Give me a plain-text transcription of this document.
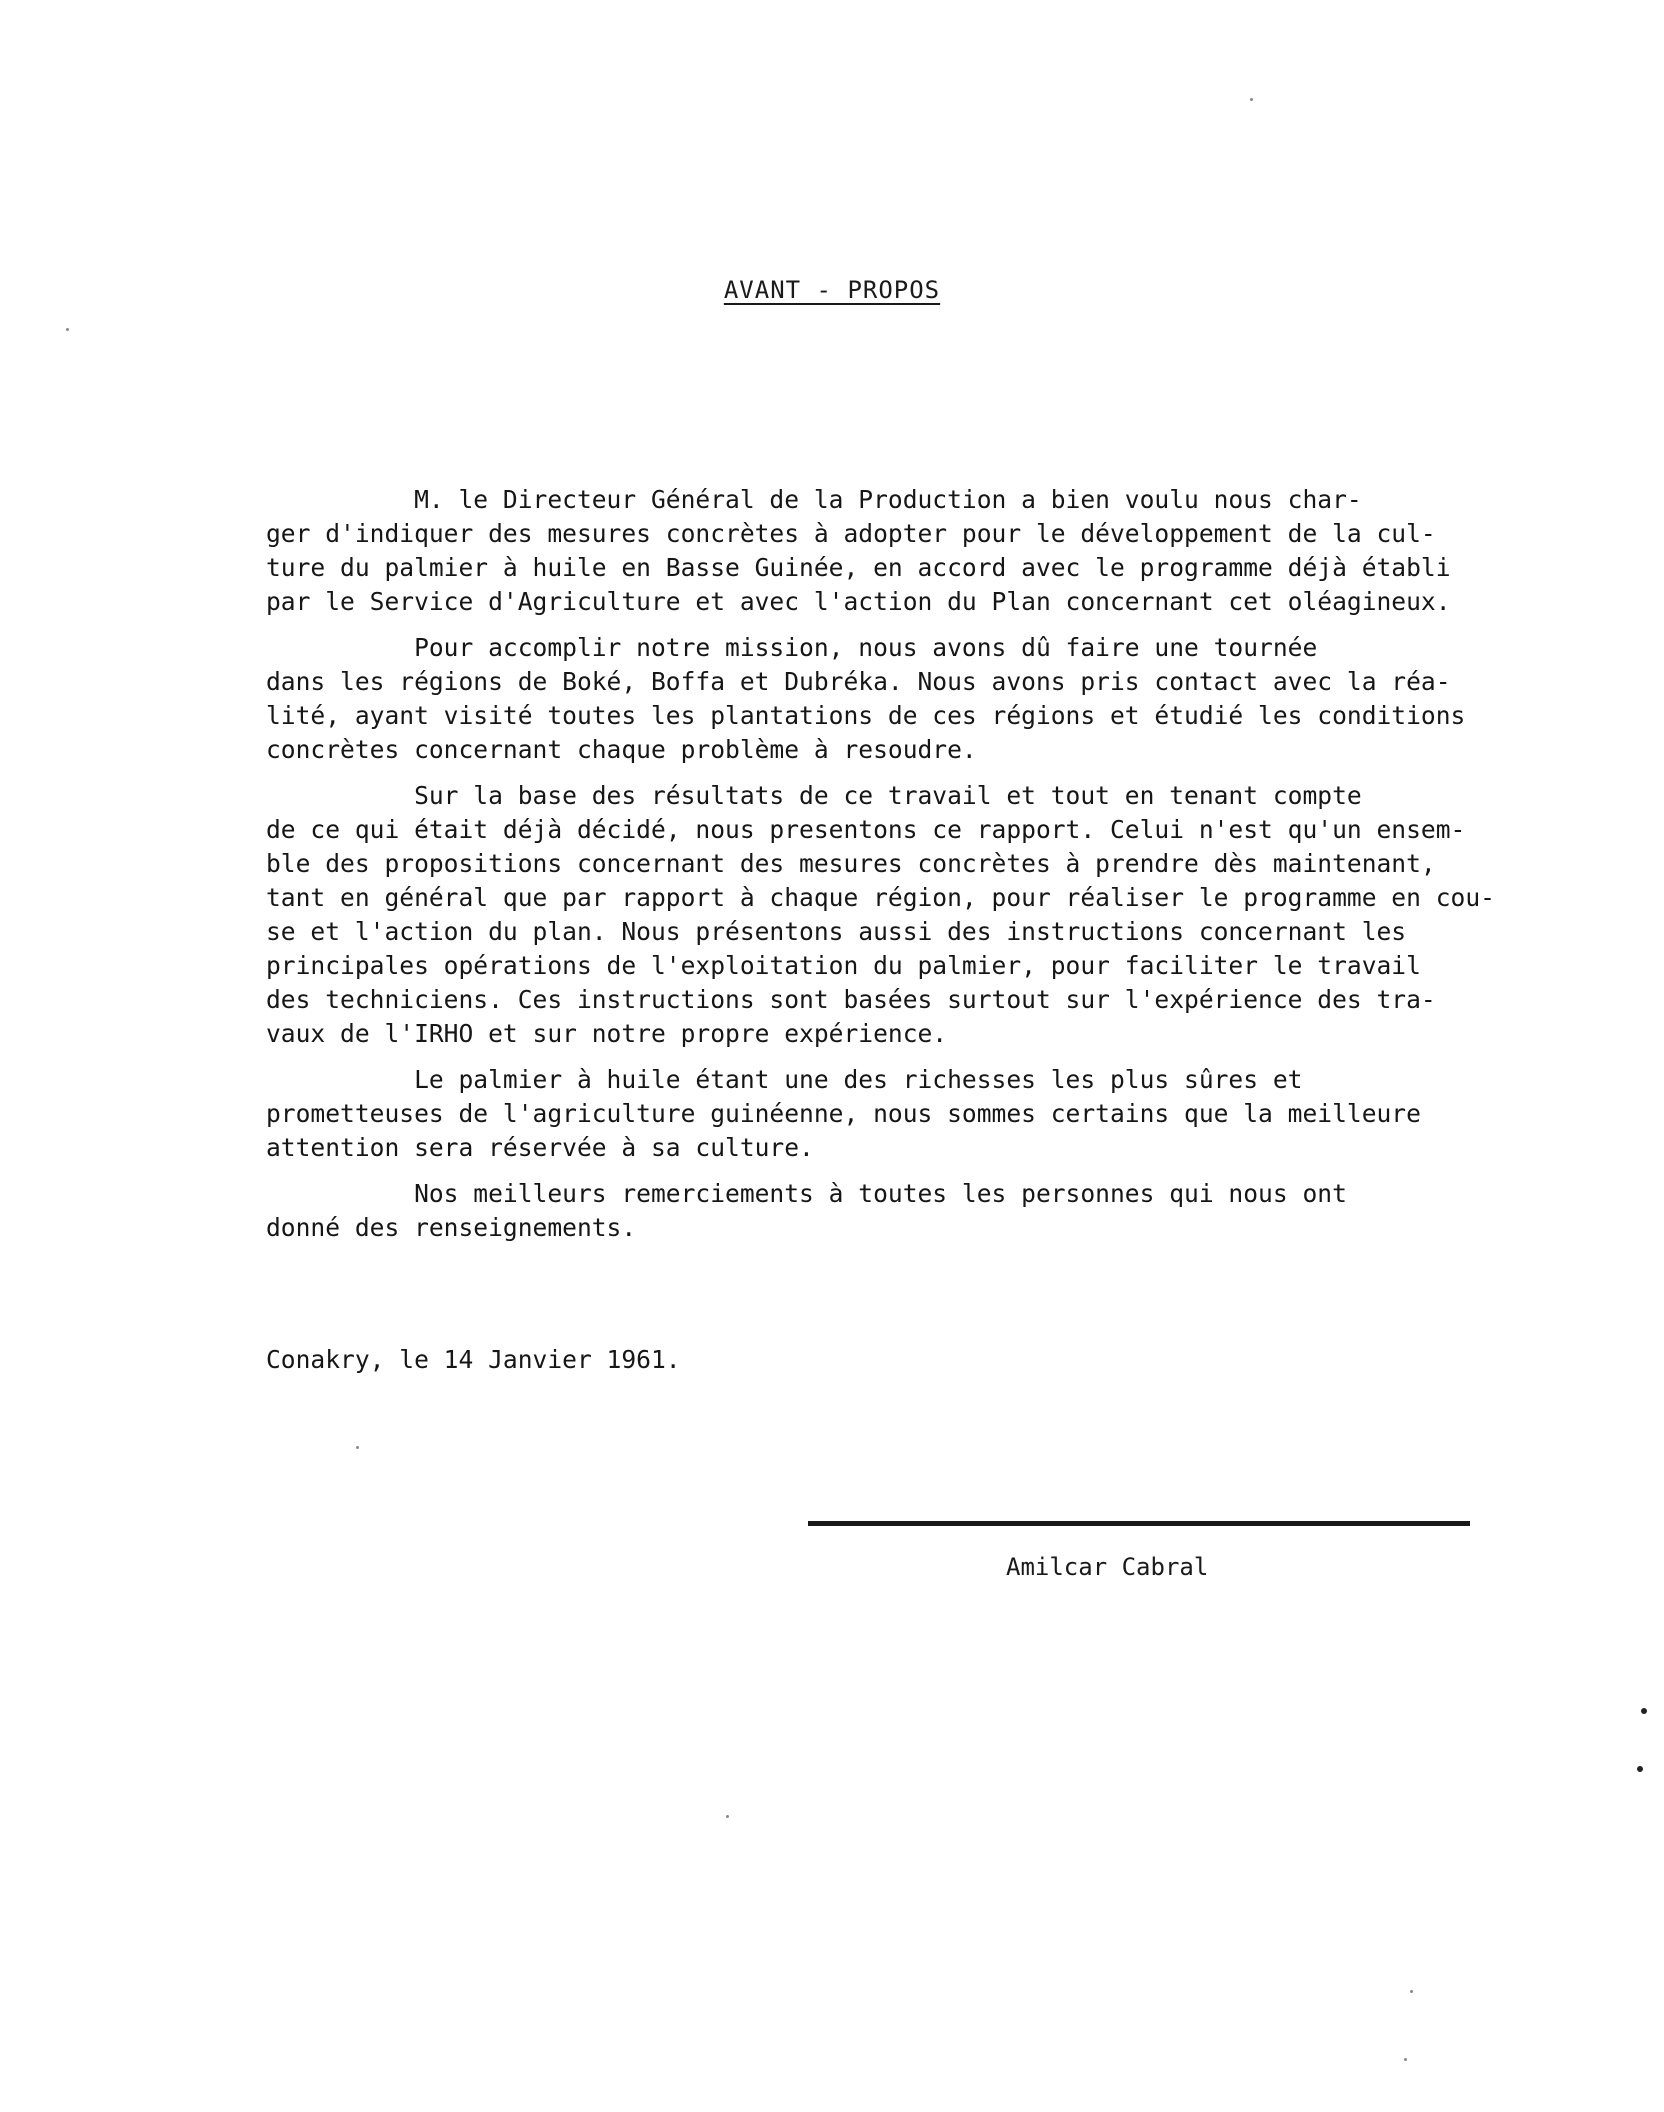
AVANT - PROPOS
M. le Directeur Général de la Production a bien voulu nous char-
ger d'indiquer des mesures concrètes à adopter pour le développement de la cul-
ture du palmier à huile en Basse Guinée, en accord avec le programme déjà établi
par le Service d'Agriculture et avec l'action du Plan concernant cet oléagineux.
Pour accomplir notre mission, nous avons dû faire une tournée
dans les régions de Boké, Boffa et Dubréka. Nous avons pris contact avec la réa-
lité, ayant visité toutes les plantations de ces régions et étudié les conditions
concrètes concernant chaque problème à resoudre.
Sur la base des résultats de ce travail et tout en tenant compte
de ce qui était déjà décidé, nous presentons ce rapport. Celui n'est qu'un ensem-
ble des propositions concernant des mesures concrètes à prendre dès maintenant,
tant en général que par rapport à chaque région, pour réaliser le programme en cou-
se et l'action du plan. Nous présentons aussi des instructions concernant les
principales opérations de l'exploitation du palmier, pour faciliter le travail
des techniciens. Ces instructions sont basées surtout sur l'expérience des tra-
vaux de l'IRHO et sur notre propre expérience.
Le palmier à huile étant une des richesses les plus sûres et
prometteuses de l'agriculture guinéenne, nous sommes certains que la meilleure
attention sera réservée à sa culture.
Nos meilleurs remerciements à toutes les personnes qui nous ont
donné des renseignements.
Conakry, le 14 Janvier 1961.
Amilcar Cabral
